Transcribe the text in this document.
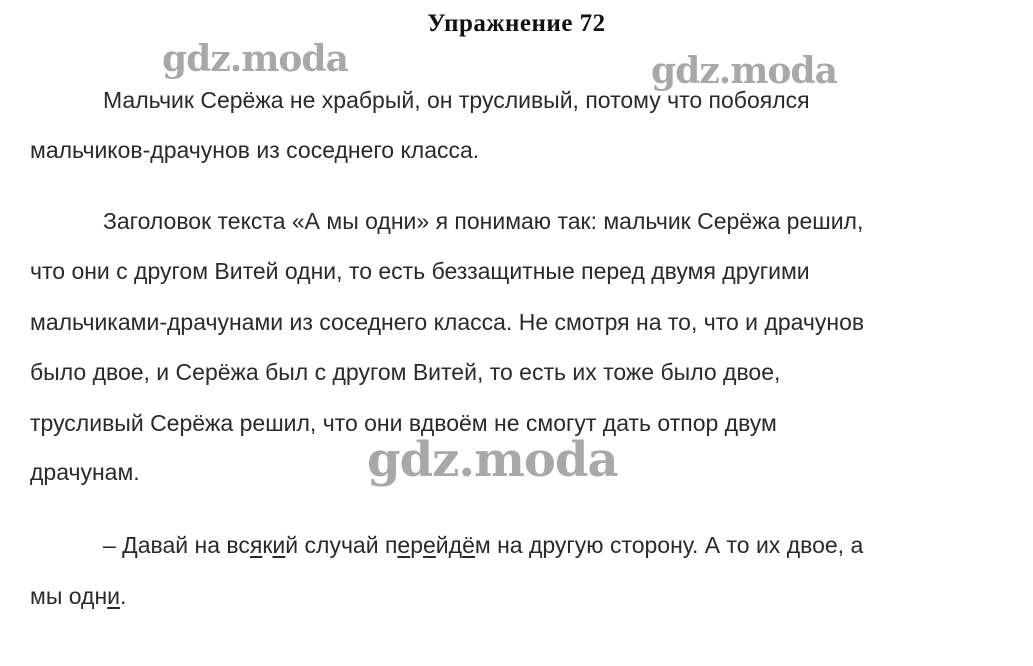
Упражнение 72
gdz.moda	gdz.moda
Мальчик Серёжа не храбрый, он трусливый, потому что побоялся
мальчиков-драчунов из соседнего класса.
Заголовок текста «А мы одни» я понимаю так: мальчик Серёжа решил,
что они с другом Витей одни, то есть беззащитные перед двумя другими
мальчиками-драчунами из соседнего класса. Не смотря на то, что и драчунов
было двое, и Серёжа был с другом Витей, то есть их тоже было двое,
трусливый Серёжа решил, что они вдвоём не смогут дать отпор двум
драчунам.	gdz.moda
– Давай на всякий случай перейдём на другую сторону. А то их двое, а
мы одни.
